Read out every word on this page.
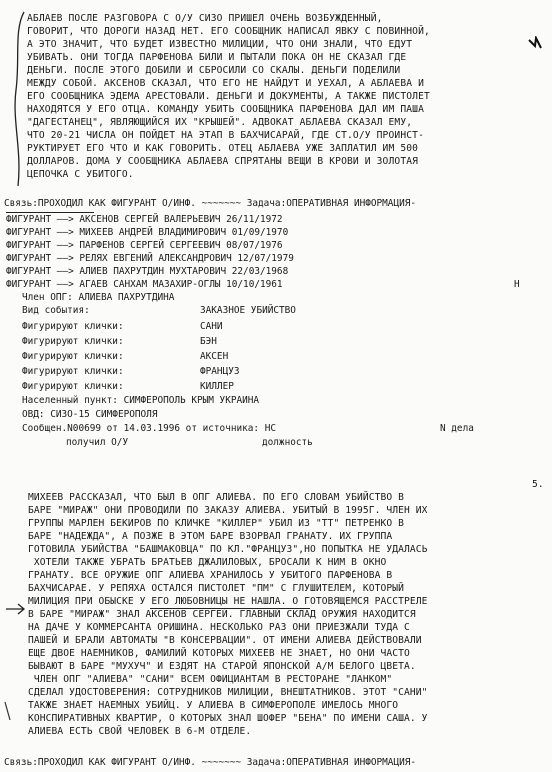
АБЛАЕВ ПОСЛЕ РАЗГОВОРА С О/У СИЗО ПРИШЕЛ ОЧЕНЬ ВОЗБУЖДЕННЫЙ,
ГОВОРИТ, ЧТО ДОРОГИ НАЗАД НЕТ. ЕГО СООБЩНИК НАПИСАЛ ЯВКУ С ПОВИННОЙ,
А ЭТО ЗНАЧИТ, ЧТО БУДЕТ ИЗВЕСТНО МИЛИЦИИ, ЧТО ОНИ ЗНАЛИ, ЧТО ЕДУТ
УБИВАТЬ. ОНИ ТОГДА ПАРФЕНОВА БИЛИ И ПЫТАЛИ ПОКА ОН НЕ СКАЗАЛ ГДЕ
ДЕНЬГИ. ПОСЛЕ ЭТОГО ДОБИЛИ И СБРОСИЛИ СО СКАЛЫ. ДЕНЬГИ ПОДЕЛИЛИ
МЕЖДУ СОБОЙ. АКСЕНОВ СКАЗАЛ, ЧТО ЕГО НЕ НАЙДУТ И УЕХАЛ, А АБЛАЕВА И
ЕГО СООБЩНИКА ЭДЕМА АРЕСТОВАЛИ. ДЕНЬГИ И ДОКУМЕНТЫ, А ТАКЖЕ ПИСТОЛЕТ
НАХОДЯТСЯ У ЕГО ОТЦА. КОМАНДУ УБИТЬ СООБЩНИКА ПАРФЕНОВА ДАЛ ИМ ПАША
"ДАГЕСТАНЕЦ", ЯВЛЯЮЩИЙСЯ ИХ "КРЫШЕЙ". АДВОКАТ АБЛАЕВА СКАЗАЛ ЕМУ,
ЧТО 20-21 ЧИСЛА ОН ПОЙДЕТ НА ЭТАП В БАХЧИСАРАЙ, ГДЕ СТ.О/У ПРОИНСТ-
РУКТИРУЕТ ЕГО ЧТО И КАК ГОВОРИТЬ. ОТЕЦ АБЛАЕВА УЖЕ ЗАПЛАТИЛ ИМ 500
ДОЛЛАРОВ. ДОМА У СООБЩНИКА АБЛАЕВА СПРЯТАНЫ ВЕЩИ В КРОВИ И ЗОЛОТАЯ
ЦЕПОЧКА С УБИТОГО.
Связь:ПРОХОДИЛ КАК ФИГУРАНТ О/ИНФ. ~~~~~~~ Задача:ОПЕРАТИВНАЯ ИНФОРМАЦИЯ-
ФИГУРАНТ ——> АКСЕНОВ СЕРГЕЙ ВАЛЕРЬЕВИЧ 26/11/1972
ФИГУРАНТ ——> МИХЕЕВ АНДРЕЙ ВЛАДИМИРОВИЧ 01/09/1970
ФИГУРАНТ ——> ПАРФЕНОВ СЕРГЕЙ СЕРГЕЕВИЧ 08/07/1976
ФИГУРАНТ ——> РЕЛЯХ ЕВГЕНИЙ АЛЕКСАНДРОВИЧ 12/07/1979
ФИГУРАНТ ——> АЛИЕВ ПАХРУТДИН МУХТАРОВИЧ 22/03/1968
ФИГУРАНТ ——> АГАЕВ САНХАМ МАЗАХИР-ОГЛЫ 10/10/1961	Н
Член ОПГ: АЛИЕВА ПАХРУТДИНА
Вид события:	ЗАКАЗНОЕ УБИЙСТВО
Фигурируют клички:	САНИ
Фигурируют клички:	БЭН
Фигурируют клички:	АКСЕН
Фигурируют клички:	ФРАНЦУЗ
Фигурируют клички:	КИЛЛЕР
Населенный пункт: СИМФЕРОПОЛЬ КРЫМ УКРАИНА
ОВД: СИЗО-15 СИМФЕРОПОЛЯ
Сообщен.N00699 от 14.03.1996 от источника: НС	N дела
получил О/У	должность
5.
МИХЕЕВ РАССКАЗАЛ, ЧТО БЫЛ В ОПГ АЛИЕВА. ПО ЕГО СЛОВАМ УБИЙСТВО В
БАРЕ "МИРАЖ" ОНИ ПРОВОДИЛИ ПО ЗАКАЗУ АЛИЕВА. УБИТЫЙ В 1995Г. ЧЛЕН ИХ
ГРУППЫ МАРЛЕН БЕКИРОВ ПО КЛИЧКЕ "КИЛЛЕР" УБИЛ ИЗ "ТТ" ПЕТРЕНКО В
БАРЕ "НАДЕЖДА", А ПОЗЖЕ В ЭТОМ БАРЕ ВЗОРВАЛ ГРАНАТУ. ИХ ГРУППА
ГОТОВИЛА УБИЙСТВА "БАШМАКОВЦА" ПО КЛ."ФРАНЦУЗ",НО ПОПЫТКА НЕ УДАЛАСЬ
ХОТЕЛИ ТАКЖЕ УБРАТЬ БРАТЬЕВ ДЖАЛИЛОВЫХ, БРОСАЛИ К НИМ В ОКНО
ГРАНАТУ. ВСЕ ОРУЖИЕ ОПГ АЛИЕВА ХРАНИЛОСЬ У УБИТОГО ПАРФЕНОВА В
БАХЧИСАРАЕ. У РЕПЯХА ОСТАЛСЯ ПИСТОЛЕТ "ПМ" С ГЛУШИТЕЛЕМ, КОТОРЫЙ
МИЛИЦИЯ ПРИ ОБЫСКЕ У ЕГО ЛЮБОВНИЦЫ НЕ НАШЛА. О ГОТОВЯЩЕМСЯ РАССТРЕЛЕ
В БАРЕ "МИРАЖ" ЗНАЛ АКСЕНОВ СЕРГЕЙ. ГЛАВНЫЙ СКЛАД ОРУЖИЯ НАХОДИТСЯ
НА ДАЧЕ У КОММЕРСАНТА ОРИШИНА. НЕСКОЛЬКО РАЗ ОНИ ПРИЕЗЖАЛИ ТУДА С
ПАШЕЙ И БРАЛИ АВТОМАТЫ "В КОНСЕРВАЦИИ". ОТ ИМЕНИ АЛИЕВА ДЕЙСТВОВАЛИ
ЕЩЕ ДВОЕ НАЕМНИКОВ, ФАМИЛИЙ КОТОРЫХ МИХЕЕВ НЕ ЗНАЕТ, НО ОНИ ЧАСТО
БЫВАЮТ В БАРЕ "МУХУЧ" И ЕЗДЯТ НА СТАРОЙ ЯПОНСКОЙ А/М БЕЛОГО ЦВЕТА.
ЧЛЕН ОПГ "АЛИЕВА" "САНИ" ВСЕМ ОФИЦИАНТАМ В РЕСТОРАНЕ "ЛАНКОМ"
СДЕЛАЛ УДОСТОВЕРЕНИЯ: СОТРУДНИКОВ МИЛИЦИИ, ВНЕШТАТНИКОВ. ЭТОТ "САНИ"
ТАКЖЕ ЗНАЕТ НАЕМНЫХ УБИЙЦ. У АЛИЕВА В СИМФЕРОПОЛЕ ИМЕЛОСЬ МНОГО
КОНСПИРАТИВНЫХ КВАРТИР, О КОТОРЫХ ЗНАЛ ШОФЕР "БЕНА" ПО ИМЕНИ САША. У
АЛИЕВА ЕСТЬ СВОЙ ЧЕЛОВЕК В 6-М ОТДЕЛЕ.
Связь:ПРОХОДИЛ КАК ФИГУРАНТ О/ИНФ. ~~~~~~~ Задача:ОПЕРАТИВНАЯ ИНФОРМАЦИЯ-
